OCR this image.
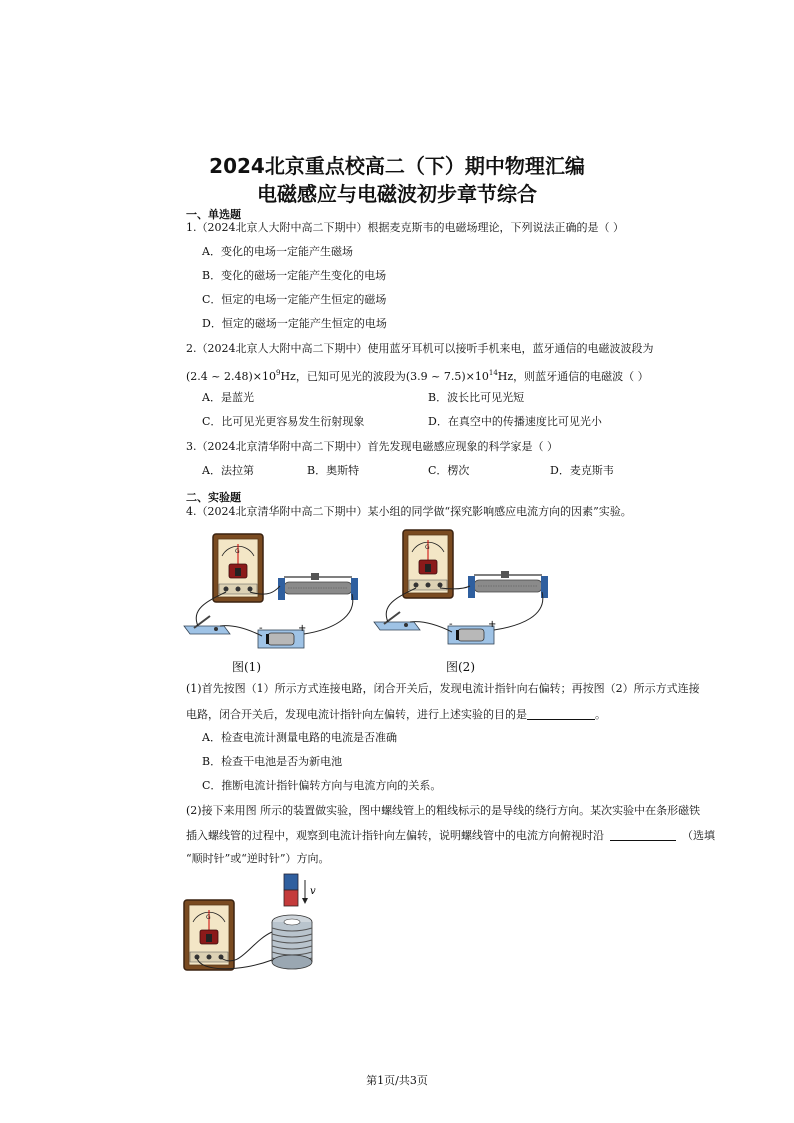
2024北京重点校高二（下）期中物理汇编
电磁感应与电磁波初步章节综合
一、单选题
1.（2024北京人大附中高二下期中）根据麦克斯韦的电磁场理论，下列说法正确的是（ ）
A．变化的电场一定能产生磁场
B．变化的磁场一定能产生变化的电场
C．恒定的电场一定能产生恒定的磁场
D．恒定的磁场一定能产生恒定的电场
2.（2024北京人大附中高二下期中）使用蓝牙耳机可以接听手机来电，蓝牙通信的电磁波波段为
(2.4 ~ $2.48)\times 10^9Hz$，已知可见光的波段为(3.9 ~ $7.5)\times 10^{14}Hz$，则蓝牙通信的电磁波（ ）
A．是蓝光	B．波长比可见光短
C．比可见光更容易发生衍射现象	D．在真空中的传播速度比可见光小
3.（2024北京清华附中高二下期中）首先发现电磁感应现象的科学家是（ ）
A．法拉第	B．奥斯特	C．楞次	D．麦克斯韦
二、实验题
4.（2024北京清华附中高二下期中）某小组的同学做“探究影响感应电流方向的因素”实验。
G
-	+
图(1)
G
-	+
图(2)
(1)首先按图（1）所示方式连接电路，闭合开关后，发现电流计指针向右偏转；再按图（2）所示方式连接
电路，闭合开关后，发现电流计指针向左偏转，进行上述实验的目的是	。
A．检查电流计测量电路的电流是否准确
B．检查干电池是否为新电池
C．推断电流计指针偏转方向与电流方向的关系。
(2)接下来用图 所示的装置做实验，图中螺线管上的粗线标示的是导线的绕行方向。某次实验中在条形磁铁
插入螺线管的过程中，观察到电流计指针向左偏转，说明螺线管中的电流方向俯视时沿	（选填
“顺时针”或“逆时针”）方向。
G
v
第1页/共3页
